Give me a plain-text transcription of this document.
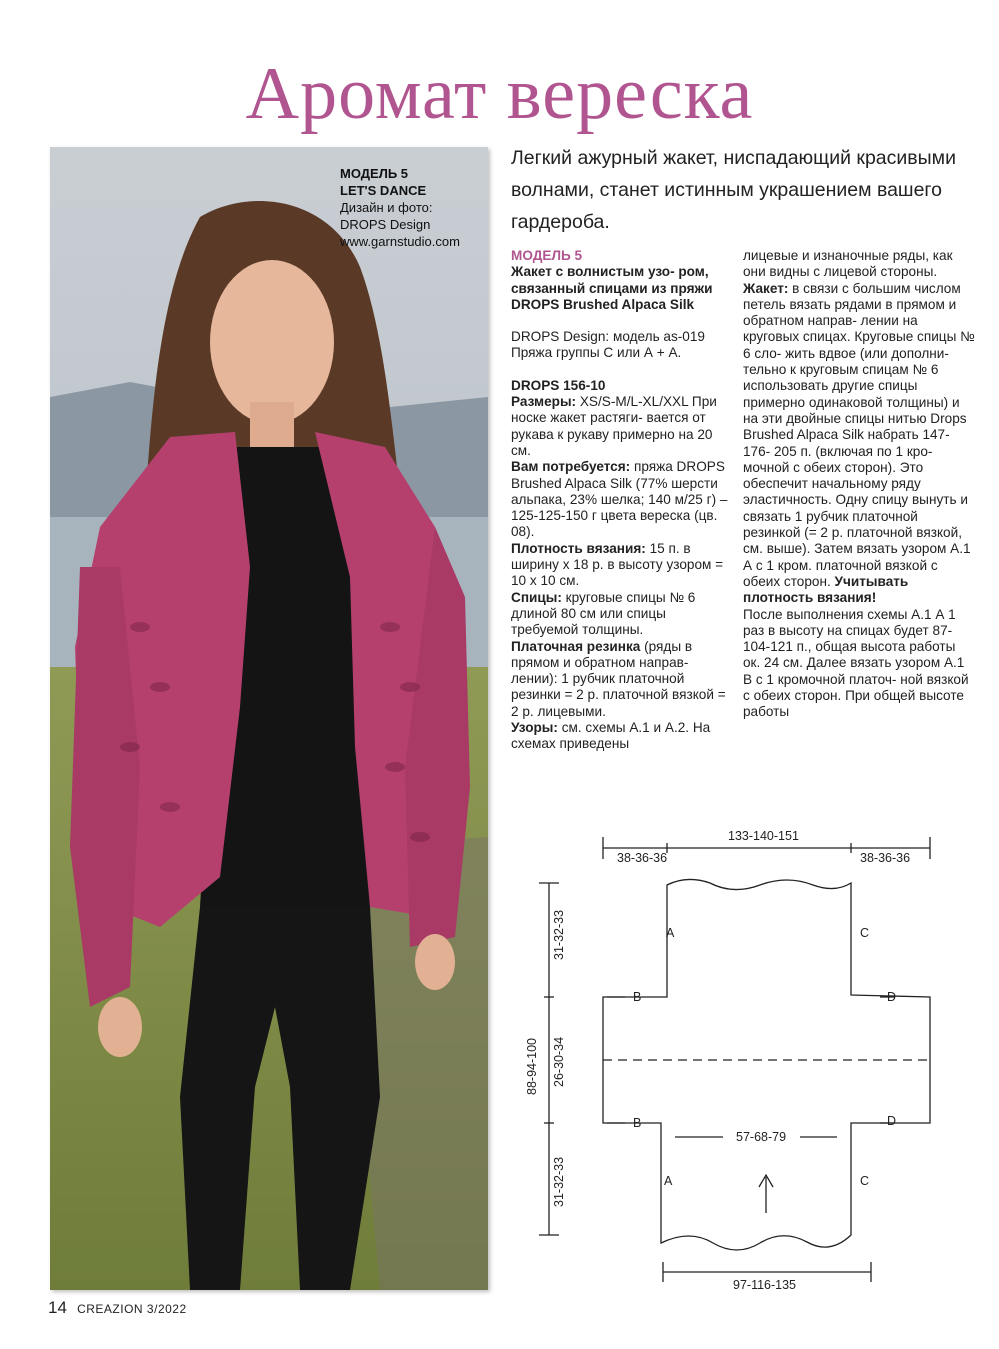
Аромат вереска
МОДЕЛЬ 5
LET'S DANCE
Дизайн и фото:
DROPS Design
www.garnstudio.com
Легкий ажурный жакет, ниспадающий красивыми волнами, станет истинным украшением вашего гардероба.

МОДЕЛЬ 5

Жакет с волнистым узо- ром, связанный спицами из пряжи DROPS Brushed Alpaca Silk

DROPS Design: модель as-019 Пряжа группы С или А + А.

DROPS 156-10

Размеры: XS/S-M/L-XL/XXL При носке жакет растяги- вается от рукава к рукаву примерно на 20 см.

Вам потребуется: пряжа DROPS Brushed Alpaca Silk (77% шерсти альпака, 23% шелка; 140 м/25 г) – 125-125-150 г цвета вереска (цв. 08).

Плотность вязания: 15 п. в ширину х 18 р. в высоту узором = 10 х 10 см.

Спицы: круговые спицы № 6 длиной 80 см или спицы требуемой толщины.

Платочная резинка (ряды в прямом и обратном направ- лении): 1 рубчик платочной резинки = 2 р. платочной вязкой = 2 р. лицевыми.

Узоры: см. схемы А.1 и А.2. На схемах приведены

лицевые и изнаночные ряды, как они видны с лицевой стороны.

Жакет: в связи с большим числом петель вязать рядами в прямом и обратном направ- лении на круговых спицах. Круговые спицы № 6 сло- жить вдвое (или дополни- тельно к круговым спицам № 6 использовать другие спицы примерно одинаковой толщины) и на эти двойные спицы нитью Drops Brushed Alpaca Silk набрать 147-176- 205 п. (включая по 1 кро- мочной с обеих сторон). Это обеспечит начальному ряду эластичность. Одну спицу вынуть и связать 1 рубчик платочной резинкой (= 2 р. платочной вязкой, см. выше). Затем вязать узором А.1 А с 1 кром. платочной вязкой с обеих сторон. Учитывать плотность вязания!

После выполнения схемы А.1 А 1 раз в высоту на спицах будет 87-104-121 п., общая высота работы ок. 24 см. Далее вязать узором А.1 В с 1 кромочной платоч- ной вязкой с обеих сторон. При общей высоте работы

133-140-151
38-36-36	38-36-36
88-94-100
31-32-33
26-30-34
31-32-33
57-68-79
97-116-135
A	C
B	D
B	D
A	C
14 CREAZION 3/2022
